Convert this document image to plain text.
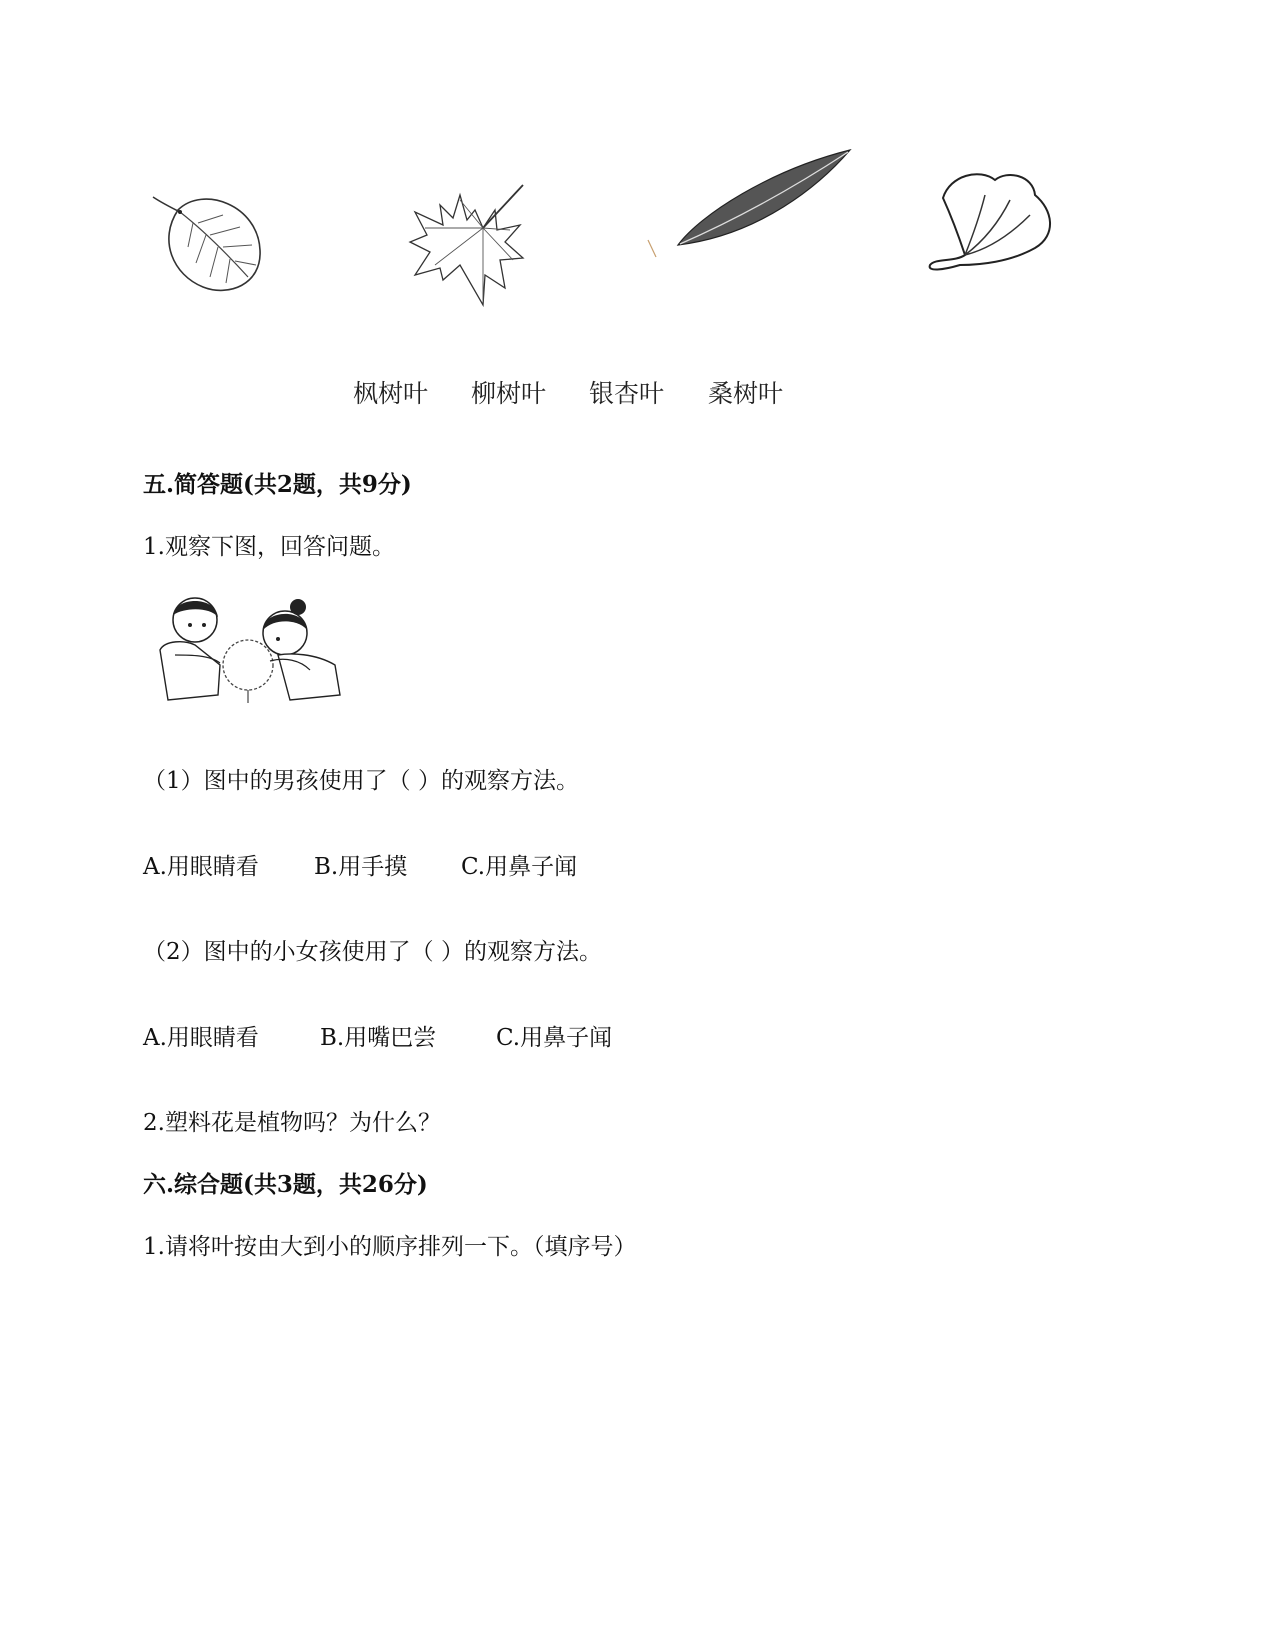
枫树叶 柳树叶 银杏叶 桑树叶
五.简答题(共2题，共9分)
1.观察下图，回答问题。
（1）图中的男孩使用了（ ）的观察方法。
A.用眼睛看 B.用手摸 C.用鼻子闻
（2）图中的小女孩使用了（ ）的观察方法。
A.用眼睛看	B.用嘴巴尝	C.用鼻子闻
2.塑料花是植物吗？为什么？
六.综合题(共3题，共26分)
1.请将叶按由大到小的顺序排列一下。（填序号）
